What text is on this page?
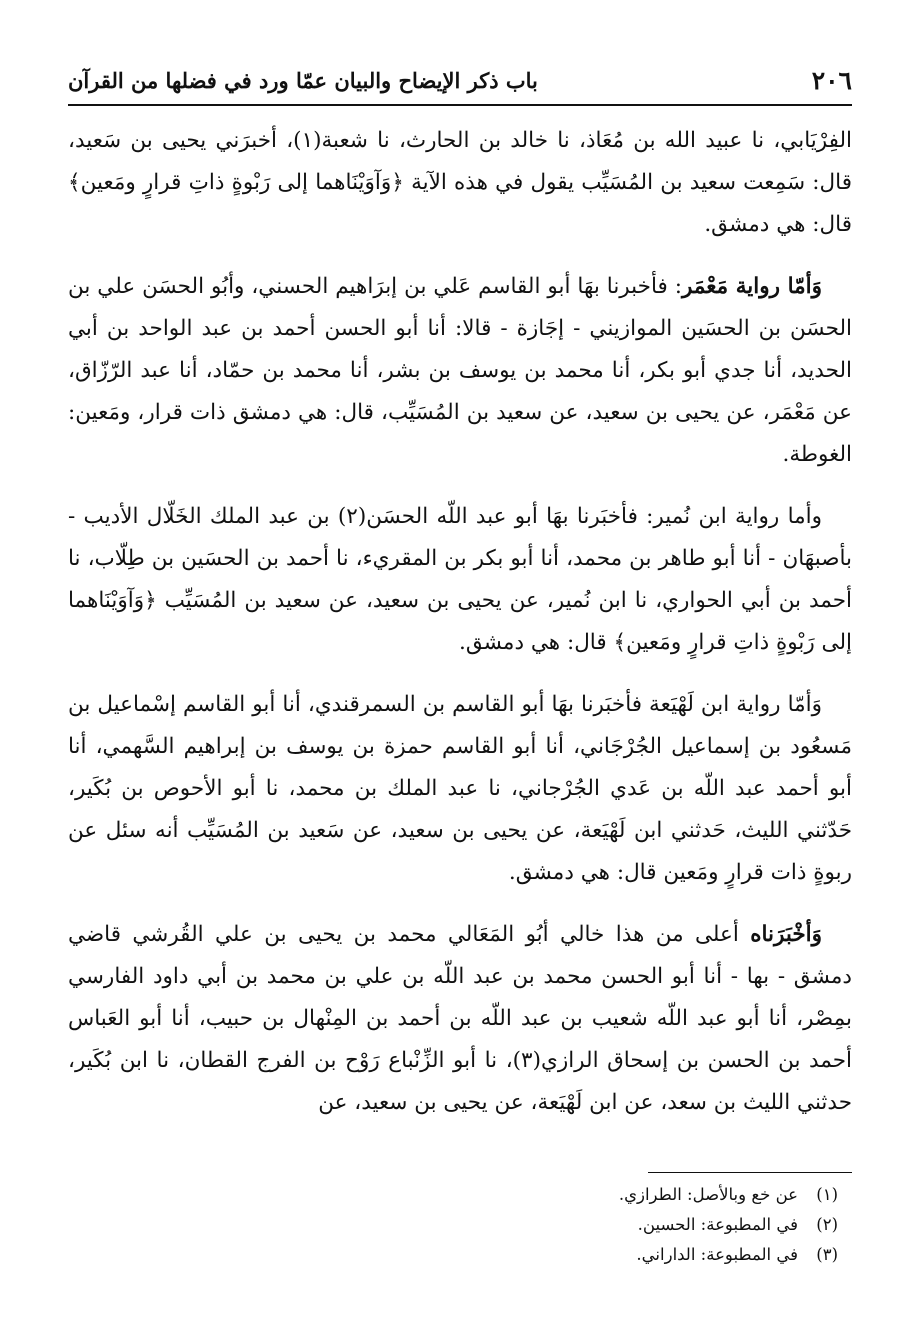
٢٠٦
باب ذكر الإيضاح والبيان عمّا ورد في فضلها من القرآن

الفِرْيَابي، نا عبيد الله بن مُعَاذ، نا خالد بن الحارث، نا شعبة(١)، أخبرَني يحيى بن سَعيد، قال: سَمِعت سعيد بن المُسَيِّب يقول في هذه الآية ﴿وَآوَيْنَاهما إلى رَبْوةٍ ذاتِ قرارٍ ومَعين﴾ قال: هي دمشق.

وَأمّا رواية مَعْمَر: فأخبرنا بهَا أبو القاسم عَلي بن إبرَاهيم الحسني، وأبُو الحسَن علي بن الحسَن بن الحسَين الموازيني - إجَازة - قالا: أنا أبو الحسن أحمد بن عبد الواحد بن أبي الحديد، أنا جدي أبو بكر، أنا محمد بن يوسف بن بشر، أنا محمد بن حمّاد، أنا عبد الرّزّاق، عن مَعْمَر، عن يحيى بن سعيد، عن سعيد بن المُسَيِّب، قال: هي دمشق ذات قرار، ومَعين: الغوطة.

وأما رواية ابن نُمير: فأخبَرنا بهَا أبو عبد اللّه الحسَن(٢) بن عبد الملك الخَلّال الأديب - بأصبهَان - أنا أبو طاهر بن محمد، أنا أبو بكر بن المقريء، نا أحمد بن الحسَين بن طِلّاب، نا أحمد بن أبي الحواري، نا ابن نُمير، عن يحيى بن سعيد، عن سعيد بن المُسَيِّب ﴿وَآوَيْنَاهما إلى رَبْوةٍ ذاتِ قرارٍ ومَعين﴾ قال: هي دمشق.

وَأمّا رواية ابن لَهْيَعة فأخبَرنا بهَا أبو القاسم بن السمرقندي، أنا أبو القاسم إسْماعيل بن مَسعُود بن إسماعيل الجُرْجَاني، أنا أبو القاسم حمزة بن يوسف بن إبراهيم السَّهمي، أنا أبو أحمد عبد اللّه بن عَدي الجُرْجاني، نا عبد الملك بن محمد، نا أبو الأحوص بن بُكَير، حَدّثني الليث، حَدثني ابن لَهْيَعة، عن يحيى بن سعيد، عن سَعيد بن المُسَيِّب أنه سئل عن ربوةٍ ذات قرارٍ ومَعين قال: هي دمشق.

وَأخْبَرَناه أعلى من هذا خالي أبُو المَعَالي محمد بن يحيى بن علي القُرشي قاضي دمشق - بها - أنا أبو الحسن محمد بن عبد اللّه بن علي بن محمد بن أبي داود الفارسي بمِصْر، أنا أبو عبد اللّه شعيب بن عبد اللّه بن أحمد بن المِنْهال بن حبيب، أنا أبو العَباس أحمد بن الحسن بن إسحاق الرازي(٣)، نا أبو الزِّنْباع رَوْح بن الفرج القطان، نا ابن بُكَير، حدثني الليث بن سعد، عن ابن لَهْيَعة، عن يحيى بن سعيد، عن

(١)عن خع وبالأصل: الطرازي.
(٢)في المطبوعة: الحسين.
(٣)في المطبوعة: الداراني.
